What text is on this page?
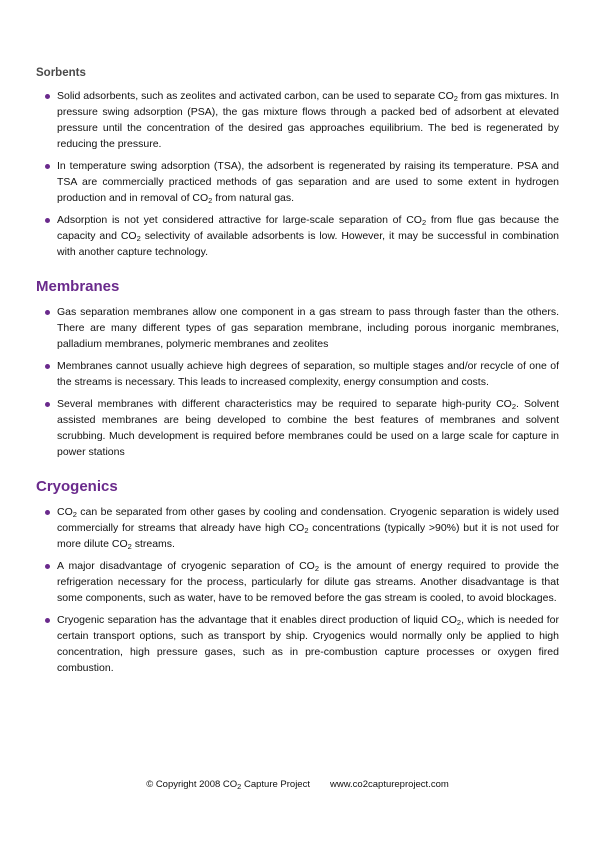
Sorbents
Solid adsorbents, such as zeolites and activated carbon, can be used to separate $CO_2$ from gas mixtures. In pressure swing adsorption (PSA), the gas mixture flows through a packed bed of adsorbent at elevated pressure until the concentration of the desired gas approaches equilibrium. The bed is regenerated by reducing the pressure.
In temperature swing adsorption (TSA), the adsorbent is regenerated by raising its temperature. PSA and TSA are commercially practiced methods of gas separation and are used to some extent in hydrogen production and in removal of $CO_2$ from natural gas.
Adsorption is not yet considered attractive for large-scale separation of $CO_2$ from flue gas because the capacity and $CO_2$ selectivity of available adsorbents is low. However, it may be successful in combination with another capture technology.
Membranes
Gas separation membranes allow one component in a gas stream to pass through faster than the others. There are many different types of gas separation membrane, including porous inorganic membranes, palladium membranes, polymeric membranes and zeolites
Membranes cannot usually achieve high degrees of separation, so multiple stages and/or recycle of one of the streams is necessary. This leads to increased complexity, energy consumption and costs.
Several membranes with different characteristics may be required to separate high-purity $CO_2$. Solvent assisted membranes are being developed to combine the best features of membranes and solvent scrubbing. Much development is required before membranes could be used on a large scale for capture in power stations
Cryogenics
$CO_2$ can be separated from other gases by cooling and condensation. Cryogenic separation is widely used commercially for streams that already have high $CO_2$ concentrations (typically >90%) but it is not used for more dilute $CO_2$ streams.
A major disadvantage of cryogenic separation of $CO_2$ is the amount of energy required to provide the refrigeration necessary for the process, particularly for dilute gas streams. Another disadvantage is that some components, such as water, have to be removed before the gas stream is cooled, to avoid blockages.
Cryogenic separation has the advantage that it enables direct production of liquid $CO_2$, which is needed for certain transport options, such as transport by ship. Cryogenics would normally only be applied to high concentration, high pressure gases, such as in pre-combustion capture processes or oxygen fired combustion.
© Copyright 2008 $CO_2$ Capture Project www.co2captureproject.com
